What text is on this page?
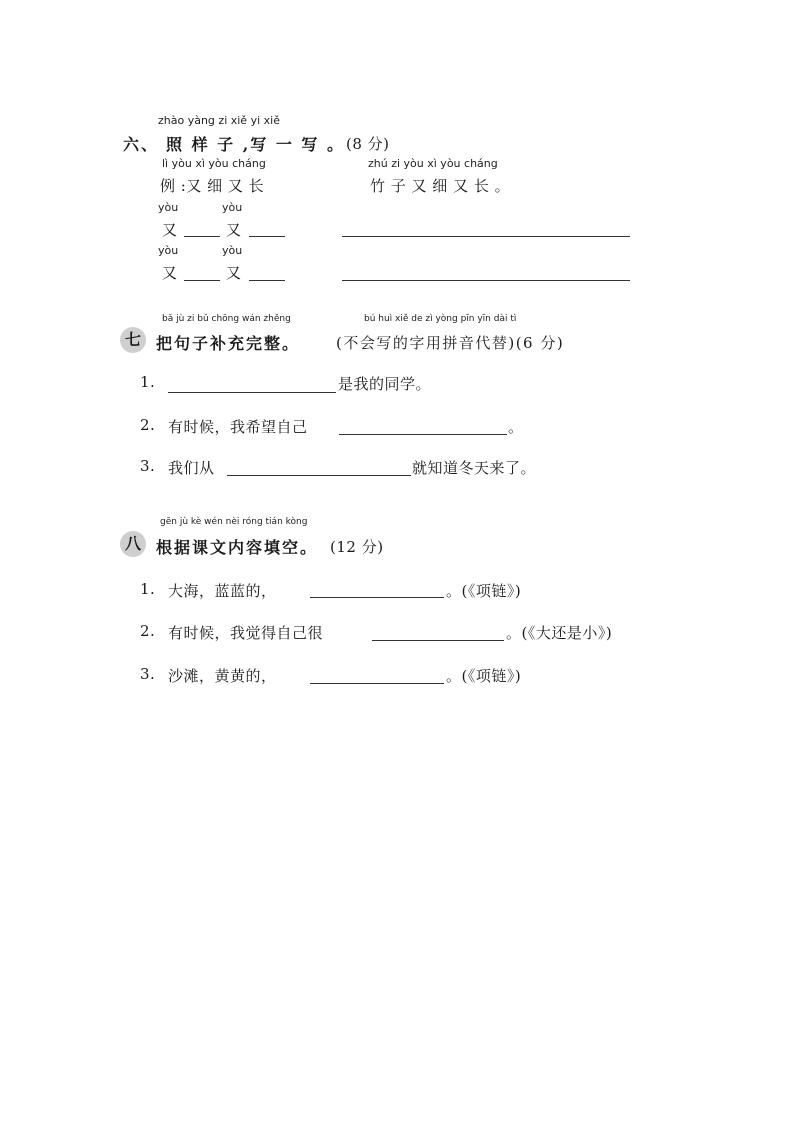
zhào yàng zi xiě yi xiě
六、 照 样 子 ,写 一 写 。 (8 分)
lì yòu xì yòu cháng
例 :又 细 又 长
zhú zi yòu xì yòu cháng
竹 子 又 细 又 长 。
yòu	yòu
又	又
yòu	yòu
又	又
bǎ jù zi bǔ chōng wán zhěng	bú huì xiě de zì yòng pīn yīn dài tì
七 把句子补充完整。 (不会写的字用拼音代替)(6 分)
1.	是我的同学。
2. 有时候，我希望自己	。
3. 我们从	就知道冬天来了。
gēn jù kè wén nèi róng tián kòng
八 根据课文内容填空。 (12 分)
1. 大海，蓝蓝的，	。(《项链》)
2. 有时候，我觉得自己很	。(《大还是小》)
3. 沙滩，黄黄的，	。(《项链》)
